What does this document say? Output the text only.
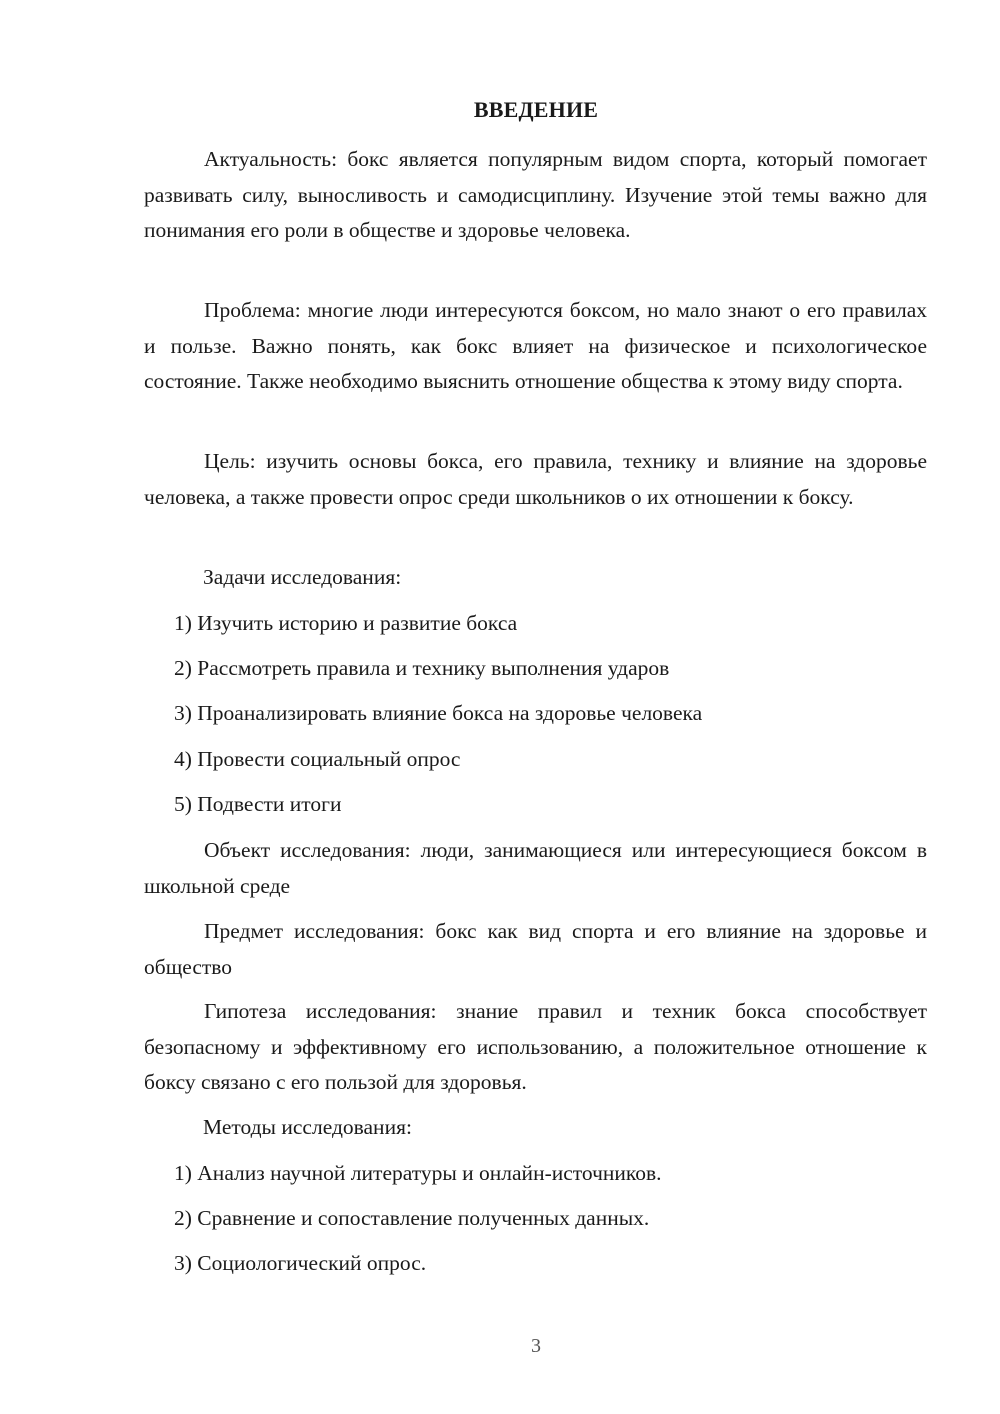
ВВЕДЕНИЕ
Актуальность: бокс является популярным видом спорта, который помогает развивать силу, выносливость и самодисциплину. Изучение этой темы важно для понимания его роли в обществе и здоровье человека.
Проблема: многие люди интересуются боксом, но мало знают о его правилах и пользе. Важно понять, как бокс влияет на физическое и психологическое состояние. Также необходимо выяснить отношение общества к этому виду спорта.
Цель: изучить основы бокса, его правила, технику и влияние на здоровье человека, а также провести опрос среди школьников о их отношении к боксу.
Задачи исследования:
1) Изучить историю и развитие бокса
2) Рассмотреть правила и технику выполнения ударов
3) Проанализировать влияние бокса на здоровье человека
4) Провести социальный опрос
5) Подвести итоги
Объект исследования: люди, занимающиеся или интересующиеся боксом в школьной среде
Предмет исследования: бокс как вид спорта и его влияние на здоровье и общество
Гипотеза исследования: знание правил и техник бокса способствует безопасному и эффективному его использованию, а положительное отношение к боксу связано с его пользой для здоровья.
Методы исследования:
1) Анализ научной литературы и онлайн-источников.
2) Сравнение и сопоставление полученных данных.
3) Социологический опрос.
3
